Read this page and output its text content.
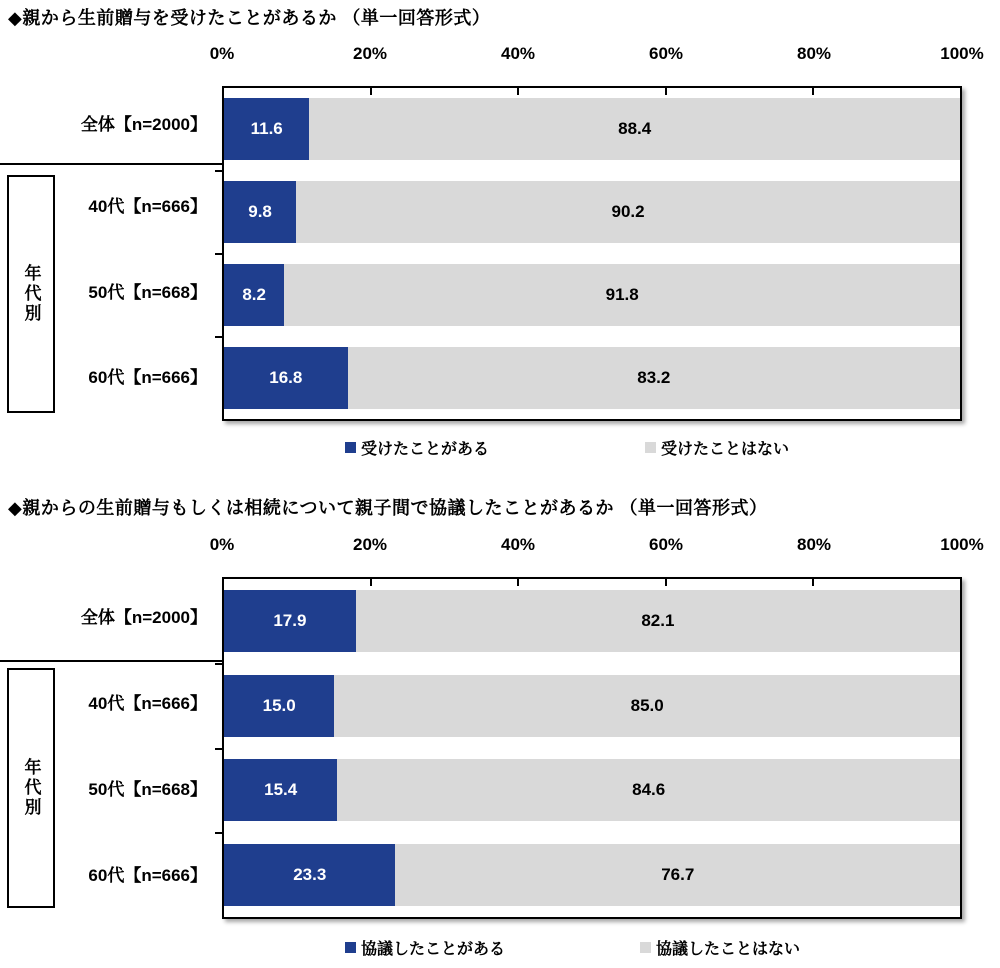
◆親から生前贈与を受けたことがあるか （単一回答形式）
0%	20%	40%	60%	80%	100%
全体【n=2000】
40代【n=666】
50代【n=668】
60代【n=666】
年代別
11.6	88.4
9.8	90.2
8.2	91.8
16.8	83.2
受けたことがある	受けたことはない
◆親からの生前贈与もしくは相続について親子間で協議したことがあるか （単一回答形式）
0%	20%	40%	60%	80%	100%
全体【n=2000】
40代【n=666】
50代【n=668】
60代【n=666】
年代別
17.9	82.1
15.0	85.0
15.4	84.6
23.3	76.7
協議したことがある	協議したことはない
